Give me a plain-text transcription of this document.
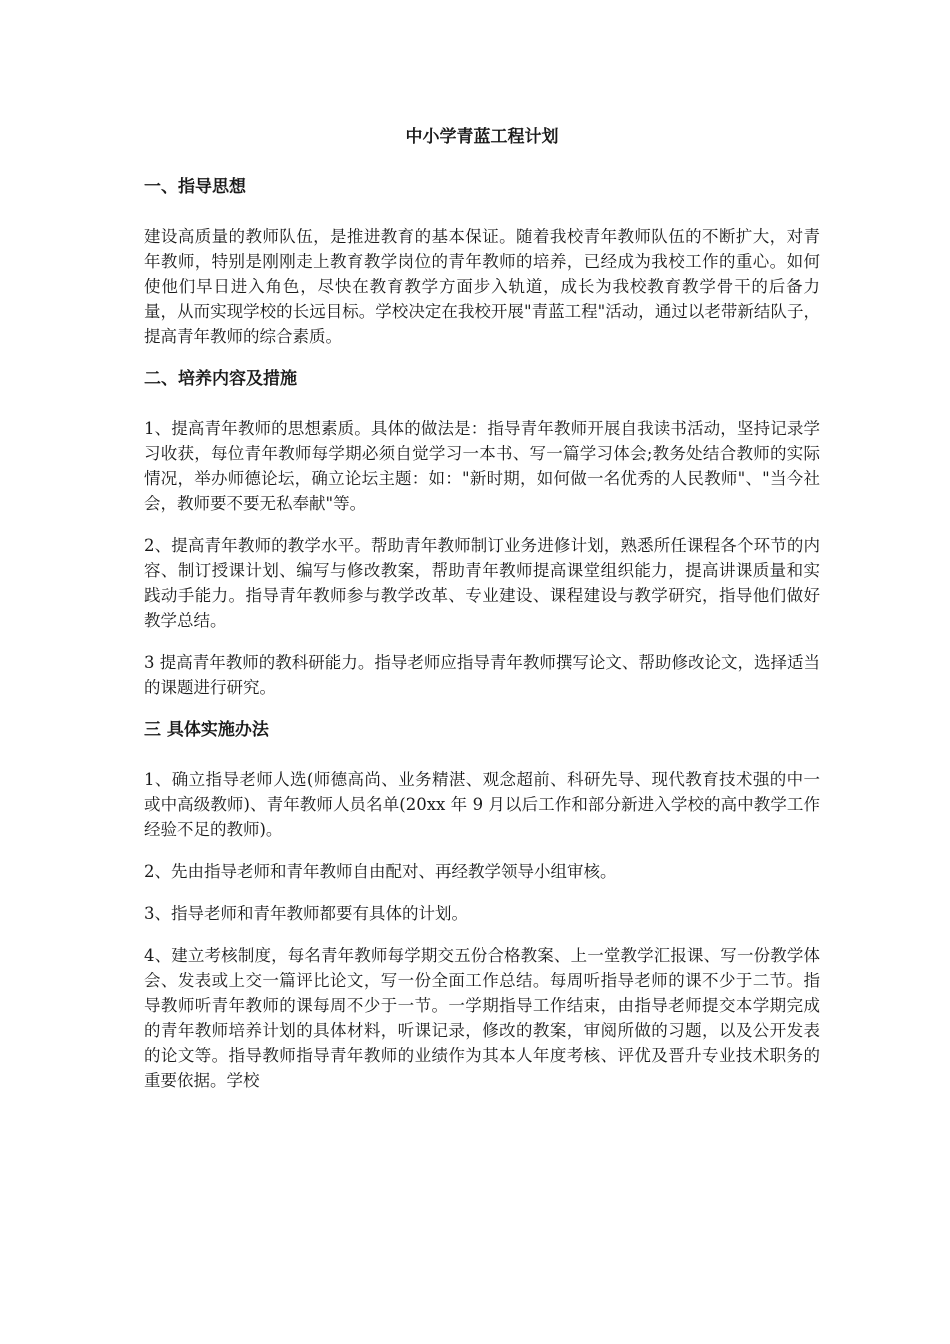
中小学青蓝工程计划
一、指导思想

建设高质量的教师队伍，是推进教育的基本保证。随着我校青年教师队伍的不断扩大，对青年教师，特别是刚刚走上教育教学岗位的青年教师的培养，已经成为我校工作的重心。如何使他们早日进入角色，尽快在教育教学方面步入轨道，成长为我校教育教学骨干的后备力量，从而实现学校的长远目标。学校决定在我校开展"青蓝工程"活动，通过以老带新结队子，提高青年教师的综合素质。

二、培养内容及措施

1、提高青年教师的思想素质。具体的做法是：指导青年教师开展自我读书活动，坚持记录学习收获，每位青年教师每学期必须自觉学习一本书、写一篇学习体会;教务处结合教师的实际情况，举办师德论坛，确立论坛主题：如："新时期，如何做一名优秀的人民教师"、"当今社会，教师要不要无私奉献"等。

2、提高青年教师的教学水平。帮助青年教师制订业务进修计划，熟悉所任课程各个环节的内容、制订授课计划、编写与修改教案，帮助青年教师提高课堂组织能力，提高讲课质量和实践动手能力。指导青年教师参与教学改革、专业建设、课程建设与教学研究，指导他们做好教学总结。

3 提高青年教师的教科研能力。指导老师应指导青年教师撰写论文、帮助修改论文，选择适当的课题进行研究。

三 具体实施办法

1、确立指导老师人选(师德高尚、业务精湛、观念超前、科研先导、现代教育技术强的中一或中高级教师)、青年教师人员名单(20xx 年 9 月以后工作和部分新进入学校的高中教学工作经验不足的教师)。

2、先由指导老师和青年教师自由配对、再经教学领导小组审核。

3、指导老师和青年教师都要有具体的计划。

4、建立考核制度，每名青年教师每学期交五份合格教案、上一堂教学汇报课、写一份教学体会、发表或上交一篇评比论文，写一份全面工作总结。每周听指导老师的课不少于二节。指导教师听青年教师的课每周不少于一节。一学期指导工作结束，由指导老师提交本学期完成的青年教师培养计划的具体材料，听课记录，修改的教案，审阅所做的习题，以及公开发表的论文等。指导教师指导青年教师的业绩作为其本人年度考核、评优及晋升专业技术职务的重要依据。学校
